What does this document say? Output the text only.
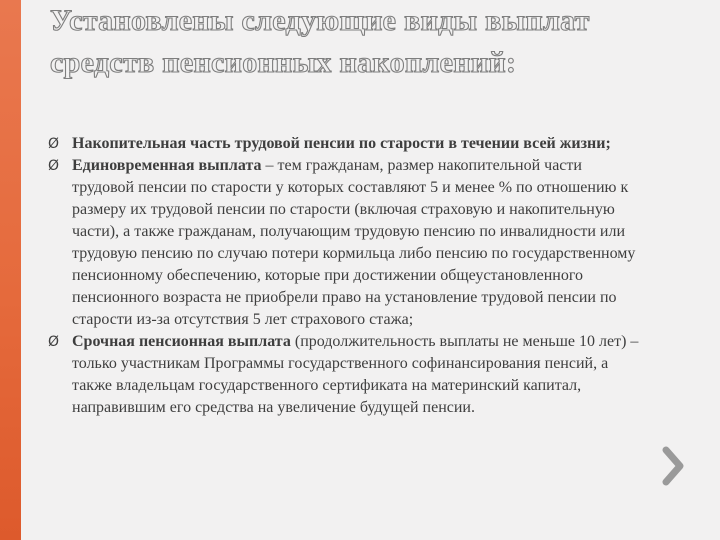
Установлены следующие виды выплат средств пенсионных накоплений:
Ø Накопительная часть трудовой пенсии по старости в течении всей жизни;
Ø Единовременная выплата – тем гражданам, размер накопительной части трудовой пенсии по старости у которых составляют 5 и менее % по отношению к размеру их трудовой пенсии по старости (включая страховую и накопительную части), а также гражданам, получающим трудовую пенсию по инвалидности или трудовую пенсию по случаю потери кормильца либо пенсию по государственному пенсионному обеспечению, которые при достижении общеустановленного пенсионного возраста не приобрели право на установление трудовой пенсии по старости из-за отсутствия 5 лет страхового стажа;
Ø Срочная пенсионная выплата (продолжительность выплаты не меньше 10 лет) – только участникам Программы государственного софинансирования пенсий, а также владельцам государственного сертификата на материнский капитал, направившим его средства на увеличение будущей пенсии.
